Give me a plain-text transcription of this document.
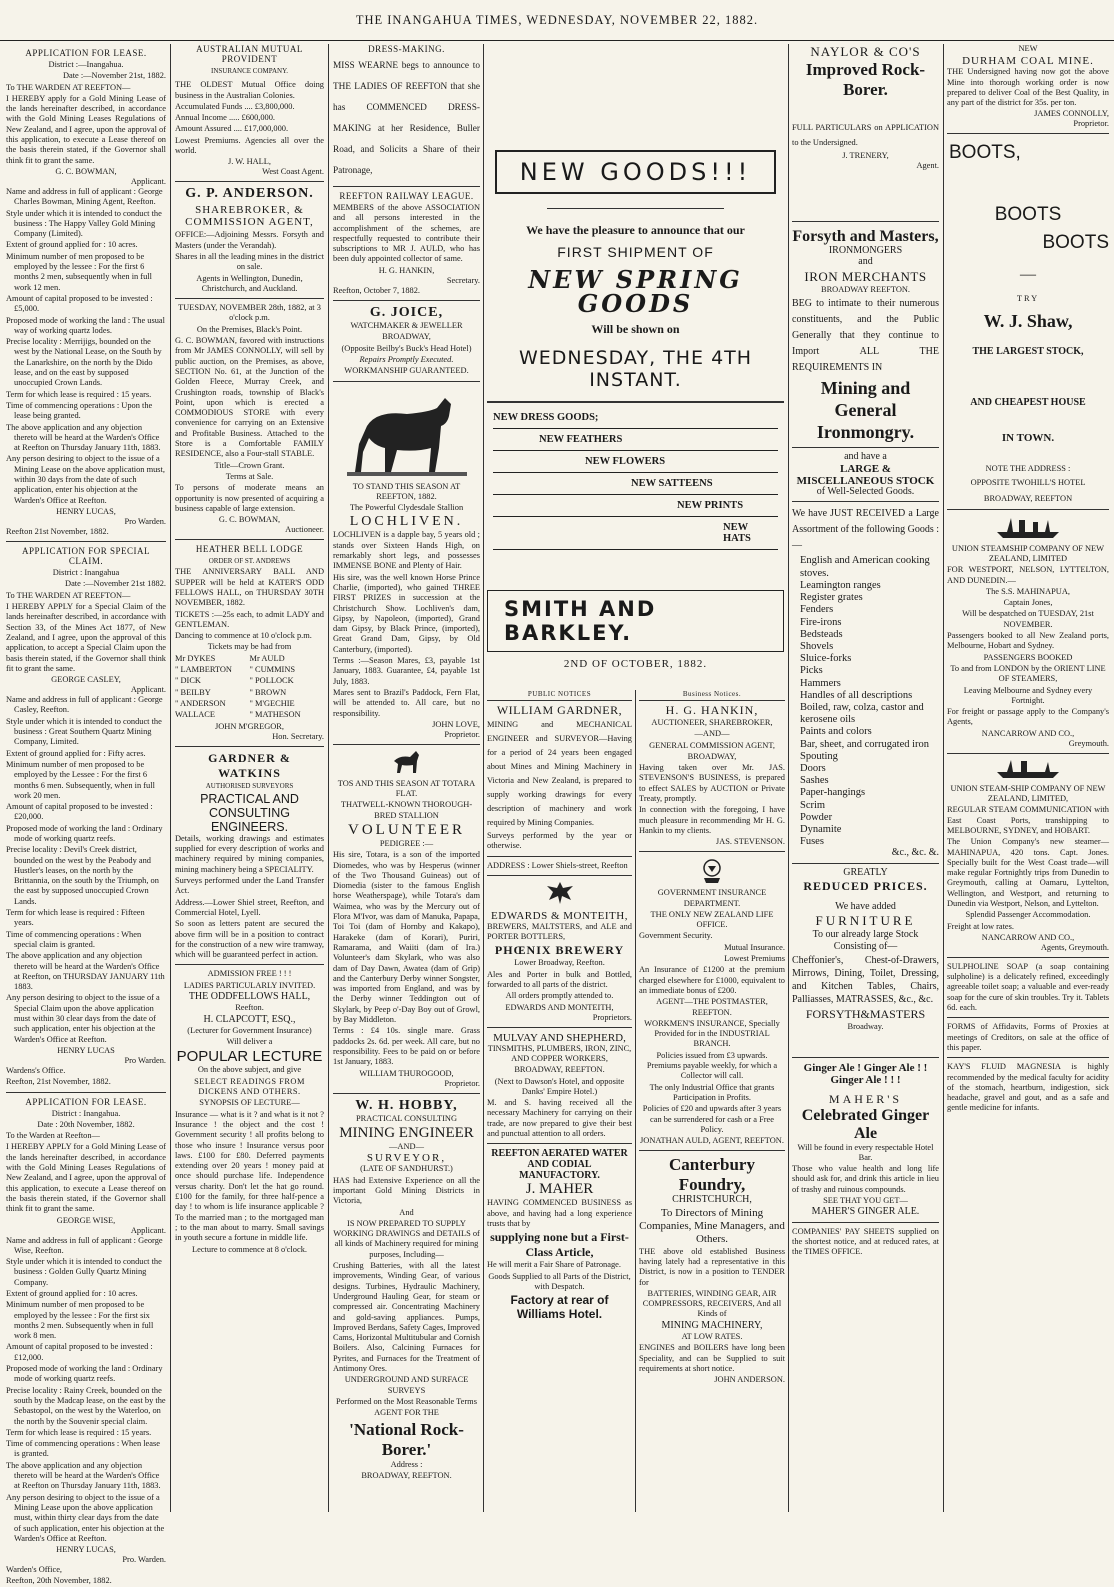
THE INANGAHUA TIMES, WEDNESDAY, NOVEMBER 22, 1882.
APPLICATION FOR LEASE.

District :—Inangahua.

Date :—November 21st, 1882.

To THE WARDEN AT REEFTON—

I HEREBY apply for a Gold Mining Lease of the lands hereinafter described, in accordance with the Gold Mining Leases Regulations of New Zealand, and I agree, upon the approval of this application, to execute a Lease thereof on the basis therein stated, if the Governor shall think fit to grant the same.

G. C. BOWMAN,

Applicant.

Name and address in full of applicant : George Charles Bowman, Mining Agent, Reefton.

Style under which it is intended to conduct the business : The Happy Valley Gold Mining Company (Limited).

Extent of ground applied for : 10 acres.

Minimum number of men proposed to be employed by the lessee : For the first 6 months 2 men, subsequently when in full work 12 men.

Amount of capital proposed to be invested : £5,000.

Proposed mode of working the land : The usual way of working quartz lodes.

Precise locality : Merrijigs, bounded on the west by the National Lease, on the South by the Lanarkshire, on the north by the Dido lease, and on the east by supposed unoccupied Crown Lands.

Term for which lease is required : 15 years.

Time of commencing operations : Upon the lease being granted.

The above application and any objection thereto will be heard at the Warden's Office at Reefton on Thursday January 11th, 1883.

Any person desiring to object to the issue of a Mining Lease on the above application must, within 30 days from the date of such application, enter his objection at the Warden's Office at Reefton.

HENRY LUCAS,

Pro Warden.

Reefton 21st November, 1882.

APPLICATION FOR SPECIAL CLAIM.

District : Inangahua

Date :—November 21st 1882.

To THE WARDEN AT REEFTON—

I HEREBY APPLY for a Special Claim of the lands hereinafter described, in accordance with Section 33, of the Mines Act 1877, of New Zealand, and I agree, upon the approval of this application, to accept a Special Claim upon the basis therein stated, if the Governor shall think fit to grant the same.

GEORGE CASLEY,

Applicant.

Name and address in full of applicant : George Casley, Reefton.

Style under which it is intended to conduct the business : Great Southern Quartz Mining Company, Limited.

Extent of ground applied for : Fifty acres.

Minimum number of men proposed to be employed by the Lessee : For the first 6 months 6 men. Subsequently, when in full work 20 men.

Amount of capital proposed to be invested : £20,000.

Proposed mode of working the land : Ordinary mode of working quartz reefs.

Precise locality : Devil's Creek district, bounded on the west by the Peabody and Hustler's leases, on the north by the Brittannia, on the south by the Triumph, on the east by supposed unoccupied Crown Lands.

Term for which lease is required : Fifteen years.

Time of commencing operations : When special claim is granted.

The above application and any objection thereto will be heard at the Warden's Office at Reefton, on THURSDAY JANUARY 11th 1883.

Any person desiring to object to the issue of a Special Claim upon the above application must within 30 clear days from the date of such application, enter his objection at the Warden's Office at Reefton.

HENRY LUCAS

Pro Warden.

Wardens's Office.

Reefton, 21st November, 1882.

APPLICATION FOR LEASE.

District : Inangahua.

Date : 20th November, 1882.

To the Warden at Reefton—

I HEREBY APPLY for a Gold Mining Lease of the lands hereinafter described, in accordance with the Gold Mining Leases Regulations of New Zealand, and I agree, upon the approval of this application, to execute a Lease thereof on the basis therein stated, if the Governor shall think fit to grant the same.

GEORGE WISE,

Applicant.

Name and address in full of applicant : George Wise, Reefton.

Style under which it is intended to conduct the business : Golden Gully Quartz Mining Company.

Extent of ground applied for : 10 acres.

Minimum number of men proposed to be employed by the lessee : For the first six months 2 men. Subsequently when in full work 8 men.

Amount of capital proposed to be invested : £12,000.

Proposed mode of working the land : Ordinary mode of working quartz reefs.

Precise locality : Rainy Creek, bounded on the south by the Madcap lease, on the east by the Sebastopol, on the west by the Waterloo, on the north by the Souvenir special claim.

Term for which lease is required : 15 years.

Time of commencing operations : When lease is granted.

The above application and any objection thereto will be heard at the Warden's Office at Reefton on Thursday January 11th, 1883.

Any person desiring to object to the issue of a Mining Lease upon the above application must, within thirty clear days from the date of such application, enter his objection at the Warden's Office at Reefton.

HENRY LUCAS,

Pro. Warden.

Warden's Office,

Reefton, 20th November, 1882.

AUSTRALIAN MUTUAL PROVIDENT

INSURANCE COMPANY.

THE OLDEST Mutual Office doing business in the Australian Colonies.

Accumulated Funds .... £3,800,000.

Annual Income ..... £600,000.

Amount Assured .... £17,000,000.

Lowest Premiums. Agencies all over the world.

J. W. HALL,

West Coast Agent.

G. P. ANDERSON.
SHAREBROKER, & COMMISSION AGENT,

OFFICE:—Adjoining Messrs. Forsyth and Masters (under the Verandah).

Shares in all the leading mines in the district on sale.

Agents in Wellington, Dunedin, Christchurch, and Auckland.

TUESDAY, NOVEMBER 28th, 1882, at 3 o'clock p.m.

On the Premises, Black's Point.

G. C. BOWMAN, favored with instructions from Mr JAMES CONNOLLY, will sell by public auction, on the Premises, as above, SECTION No. 61, at the Junction of the Golden Fleece, Murray Creek, and Crushington roads, township of Black's Point, upon which is erected a COMMODIOUS STORE with every convenience for carrying on an Extensive and Profitable Business. Attached to the Store is a Comfortable FAMILY RESIDENCE, also a Four-stall STABLE.

Title—Crown Grant.

Terms at Sale.

To persons of moderate means an opportunity is now presented of acquiring a business capable of large extension.

G. C. BOWMAN,

Auctioneer.

HEATHER BELL LODGE

ORDER OF ST. ANDREWS

THE ANNIVERSARY BALL AND SUPPER will be held at KATER'S ODD FELLOWS HALL, on THURSDAY 30TH NOVEMBER, 1882.

TICKETS :—25s each, to admit LADY and GENTLEMAN.

Dancing to commence at 10 o'clock p.m.

Tickets may be had from

Mr DYKES

" LAMBERTON

" DICK

" BEILBY

" ANDERSON

WALLACE

Mr AULD

" CUMMINS

" POLLOCK

" BROWN

" M'GECHIE

" MATHESON

JOHN M'GREGOR,

Hon. Secretary.

GARDNER & WATKINS

AUTHORISED SURVEYORS

PRACTICAL AND CONSULTING ENGINEERS.

Details, working drawings and estimates supplied for every description of works and machinery required by mining companies, mining machinery being a SPECIALITY.

Surveys performed under the Land Transfer Act.

Address.—Lower Shiel street, Reefton, and Commercial Hotel, Lyell.

So soon as letters patent are secured the above firm will be in a position to contract for the construction of a new wire tramway, which will be guaranteed perfect in action.

ADMISSION FREE ! ! !

LADIES PARTICULARLY INVITED.

THE ODDFELLOWS HALL,

Reefton.

H. CLAPCOTT, ESQ.,

(Lecturer for Government Insurance)

Will deliver a

POPULAR LECTURE

On the above subject, and give

SELECT READINGS FROM DICKENS AND OTHERS.

SYNOPSIS OF LECTURE—

Insurance — what is it ? and what is it not ? Insurance ! the object and the cost ! Government security ! all profits belong to those who insure ! Insurance versus poor laws. £100 for £80. Deferred payments extending over 20 years ! money paid at once should purchase life. Independence versus charity. Don't let the hat go round. £100 for the family, for three half-pence a day ! to whom is life insurance applicable ? To the married man ; to the mortgaged man ; to the man about to marry. Small savings in youth secure a fortune in middle life.

Lecture to commence at 8 o'clock.

DRESS-MAKING.

MISS WEARNE begs to announce to THE LADIES OF REEFTON that she has COMMENCED DRESS-MAKING at her Residence, Buller Road, and Solicits a Share of their Patronage,

REEFTON RAILWAY LEAGUE.

MEMBERS of the above ASSOCIATION and all persons interested in the accomplishment of the schemes, are respectfully requested to contribute their subscriptions to MR J. AULD, who has been duly appointed collector of same.

H. G. HANKIN,

Secretary.

Reefton, October 7, 1882.

G. JOICE,

WATCHMAKER & JEWELLER

BROADWAY,

(Opposite Beilby's Buck's Head Hotel)

Repairs Promptly Executed.

WORKMANSHIP GUARANTEED.

TO STAND THIS SEASON AT REEFTON, 1882.

The Powerful Clydesdale Stallion

LOCHLIVEN.

LOCHLIVEN is a dapple bay, 5 years old ; stands over Sixteen Hands High, on remarkably short legs, and possesses IMMENSE BONE and Plenty of Hair.

His sire, was the well known Horse Prince Charlie, (imported), who gained THREE FIRST PRIZES in succession at the Christchurch Show. Lochliven's dam, Gipsy, by Napoleon, (imported), Grand dam Gipsy, by Black Prince, (imported), Great Grand Dam, Gipsy, by Old Canterbury, (imported).

Terms :—Season Mares, £3, payable 1st January, 1883. Guarantee, £4, payable 1st July, 1883.

Mares sent to Brazil's Paddock, Fern Flat, will be attended to. All care, but no responsibility.

JOHN LOVE,

Proprietor.

TOS AND THIS SEASON AT TOTARA FLAT.

THATWELL-KNOWN THOROUGH-BRED STALLION

VOLUNTEER

PEDIGREE :—

His sire, Totara, is a son of the imported Diomedes, who was by Hesperus (winner of the Two Thousand Guineas) out of Diomedia (sister to the famous English horse Weatherspage), while Totara's dam Waimea, who was by the Mercury out of Flora M'Ivor, was dam of Manuka, Papapa, Toi Toi (dam of Hornby and Kakapo), Harakeke (dam of Korari), Puriri, Ramarama, and Waiiti (dam of Ira.) Volunteer's dam Skylark, who was also dam of Day Dawn, Awatea (dam of Grip) and the Canterbury Derby winner Songster, was imported from England, and was by the Derby winner Teddington out of Skylark, by Peep o'-Day Boy out of Growl, by Bay Middleton.

Terms : £4 10s. single mare. Grass paddocks 2s. 6d. per week. All care, but no responsibility. Fees to be paid on or before 1st January, 1883.

WILLIAM THUROGOOD,

Proprietor.

W. H. HOBBY,

PRACTICAL CONSULTING

MINING ENGINEER

—AND—

SURVEYOR,

(LATE OF SANDHURST.)

HAS had Extensive Experience on all the important Gold Mining Districts in Victoria,

And

IS NOW PREPARED TO SUPPLY WORKING DRAWINGS and DETAILS of all kinds of Machinery required for mining purposes, Including—

Crushing Batteries, with all the latest improvements, Winding Gear, of various designs. Turbines, Hydraulic Machinery, Underground Hauling Gear, for steam or compressed air. Concentrating Machinery and gold-saving appliances. Pumps, Improved Berdans, Safety Cages, Improved Cams, Horizontal Multitubular and Cornish Boilers. Also, Calcining Furnaces for Pyrites, and Furnaces for the Treatment of Antimony Ores.

UNDERGROUND AND SURFACE SURVEYS

Performed on the Most Reasonable Terms

AGENT FOR THE

'National Rock-Borer.'

Address :

BROADWAY, REEFTON.

NEW GOODS!!!
We have the pleasure to announce that our
FIRST SHIPMENT OF
NEW SPRING GOODS
Will be shown on
WEDNESDAY, THE 4TH INSTANT.
NEW DRESS GOODS;
NEW FEATHERS
NEW FLOWERS
NEW SATTEENS
NEW PRINTS
NEW HATS
SMITH AND BARKLEY.
2ND OF OCTOBER, 1882.
PUBLIC NOTICES
WILLIAM GARDNER,

MINING and MECHANICAL ENGINEER and SURVEYOR—Having for a period of 24 years been engaged about Mines and Mining Machinery in Victoria and New Zealand, is prepared to supply working drawings for every description of machinery and work required by Mining Companies.

Surveys performed by the year or otherwise.

ADDRESS : Lower Shiels-street, Reefton

EDWARDS & MONTEITH,

BREWERS, MALTSTERS, and ALE and PORTER BOTTLERS,

PHŒNIX BREWERY

Lower Broadway, Reefton.

Ales and Porter in bulk and Bottled, forwarded to all parts of the district.

All orders promptly attended to.

EDWARDS AND MONTEITH,

Proprietors.

MULVAY AND SHEPHERD,

TINSMITHS, PLUMBERS, IRON, ZINC, AND COPPER WORKERS,

BROADWAY, REEFTON.

(Next to Dawson's Hotel, and opposite Danks' Empire Hotel.)

M. and S. having received all the necessary Machinery for carrying on their trade, are now prepared to give their best and punctual attention to all orders.

REEFTON AERATED WATER AND CODIAL MANUFACTORY.
J. MAHER

HAVING COMMENCED BUSINESS as above, and having had a long experience trusts that by

supplying none but a First-Class Article,

He will merit a Fair Share of Patronage.

Goods Supplied to all Parts of the District, with Despatch.

Factory at rear of Williams Hotel.
Business Notices.
H. G. HANKIN,

AUCTIONEER, SHAREBROKER,

—AND—

GENERAL COMMISSION AGENT,

BROADWAY,

Having taken over Mr. JAS. STEVENSON'S BUSINESS, is prepared to effect SALES by AUCTION or Private Treaty, promptly.

In connection with the foregoing, I have much pleasure in recommending Mr H. G. Hankin to my clients.

JAS. STEVENSON.

GOVERNMENT INSURANCE DEPARTMENT.

THE ONLY NEW ZEALAND LIFE OFFICE.

Government Security.

Mutual Insurance.

Lowest Premiums

An Insurance of £1200 at the premium charged elsewhere for £1000, equivalent to an immediate bonus of £200.

AGENT—THE POSTMASTER, REEFTON.

WORKMEN'S INSURANCE, Specially Provided for in the INDUSTRIAL BRANCH.

Policies issued from £3 upwards. Premiums payable weekly, for which a Collector will call.

The only Industrial Office that grants Participation in Profits.

Policies of £20 and upwards after 3 years can be surrendered for cash or a Free Policy.

JONATHAN AULD, AGENT, REEFTON.

Canterbury Foundry,

CHRISTCHURCH,

To Directors of Mining Companies, Mine Managers, and Others.

THE above old established Business having lately had a representative in this District, is now in a position to TENDER for

BATTERIES, WINDING GEAR, AIR COMPRESSORS, RECEIVERS, And all Kinds of

MINING MACHINERY,

AT LOW RATES.

ENGINES and BOILERS have long been Speciality, and can be Supplied to suit requirements at short notice.

JOHN ANDERSON.

NAYLOR & CO'S
Improved Rock-Borer.

FULL PARTICULARS on APPLICATION to the Undersigned.

J. TRENERY,

Agent.

Forsyth and Masters,

IRONMONGERS

and

IRON MERCHANTS

BROADWAY REEFTON.

BEG to intimate to their numerous constituents, and the Public Generally that they continue to Import ALL THE REQUIREMENTS IN

Mining and General Ironmongry.

and have a

LARGE & MISCELLANEOUS STOCK

of Well-Selected Goods.

We have JUST RECEIVED a Large Assortment of the following Goods :—

English and American cooking stoves.

Leamington ranges

Register grates

Fenders

Fire-irons

Bedsteads

Shovels

Sluice-forks

Picks

Hammers

Handles of all descriptions

Boiled, raw, colza, castor and kerosene oils

Paints and colors

Bar, sheet, and corrugated iron

Spouting

Doors

Sashes

Paper-hangings

Scrim

Powder

Dynamite

Fuses

&c., &c. &.

GREATLY

REDUCED PRICES.

We have added

FURNITURE

To our already large Stock Consisting of—

Cheffonier's, Chest-of-Drawers, Mirrows, Dining, Toilet, Dressing, and Kitchen Tables, Chairs, Palliasses, MATRASSES, &c., &c.

FORSYTH&MASTERS

Broadway.

Ginger Ale ! Ginger Ale ! ! Ginger Ale ! ! !
MAHER'S
Celebrated Ginger Ale

Will be found in every respectable Hotel Bar.

Those who value health and long life should ask for, and drink this article in lieu of trashy and ruinous compounds.

SEE THAT YOU GET—

MAHER'S GINGER ALE.

COMPANIES' PAY SHEETS supplied on the shortest notice, and at reduced rates, at the TIMES OFFICE.

NEW

DURHAM COAL MINE.

THE Undersigned having now got the above Mine into thorough working order is now prepared to deliver Coal of the Best Quality, in any part of the district for 35s. per ton.

JAMES CONNOLLY,

Proprietor.

BOOTS,
BOOTS
BOOTS
—

TRY

W. J. Shaw,
THE LARGEST STOCK,
AND CHEAPEST HOUSE
IN TOWN.

NOTE THE ADDRESS :

OPPOSITE TWOHILL'S HOTEL

BROADWAY, REEFTON

UNION STEAMSHIP COMPANY OF NEW ZEALAND, LIMITED

FOR WESTPORT, NELSON, LYTTELTON, AND DUNEDIN.—

The S.S. MAHINAPUA,

Captain Jones,

Will be despatched on TUESDAY, 21st NOVEMBER.

Passengers booked to all New Zealand ports, Melbourne, Hobart and Sydney.

PASSENGERS BOOKED

To and from LONDON by the ORIENT LINE OF STEAMERS,

Leaving Melbourne and Sydney every Fortnight.

For freight or passage apply to the Company's Agents,

NANCARROW AND CO.,

Greymouth.

UNION STEAM-SHIP COMPANY OF NEW ZEALAND, LIMITED,

REGULAR STEAM COMMUNICATION with East Coast Ports, transhipping to MELBOURNE, SYDNEY, and HOBART.

The Union Company's new steamer— MAHINAPUA, 420 tons. Capt. Jones. Specially built for the West Coast trade—will make regular Fortnightly trips from Dunedin to Greymouth, calling at Oamaru, Lyttelton, Wellington, and Westport, and returning to Dunedin via Westport, Nelson, and Lyttelton.

Splendid Passenger Accommodation.

Freight at low rates.

NANCARROW AND CO.,

Agents, Greymouth.

SULPHOLINE SOAP (a soap containing sulpholine) is a delicately refined, exceedingly agreeable toilet soap; a valuable and ever-ready soap for the cure of skin troubles. Try it. Tablets 6d. each.

FORMS of Affidavits, Forms of Proxies at meetings of Creditors, on sale at the office of this paper.

KAY'S FLUID MAGNESIA is highly recommended by the medical faculty for acidity of the stomach, heartburn, indigestion, sick headache, gravel and gout, and as a safe and gentle medicine for infants.
